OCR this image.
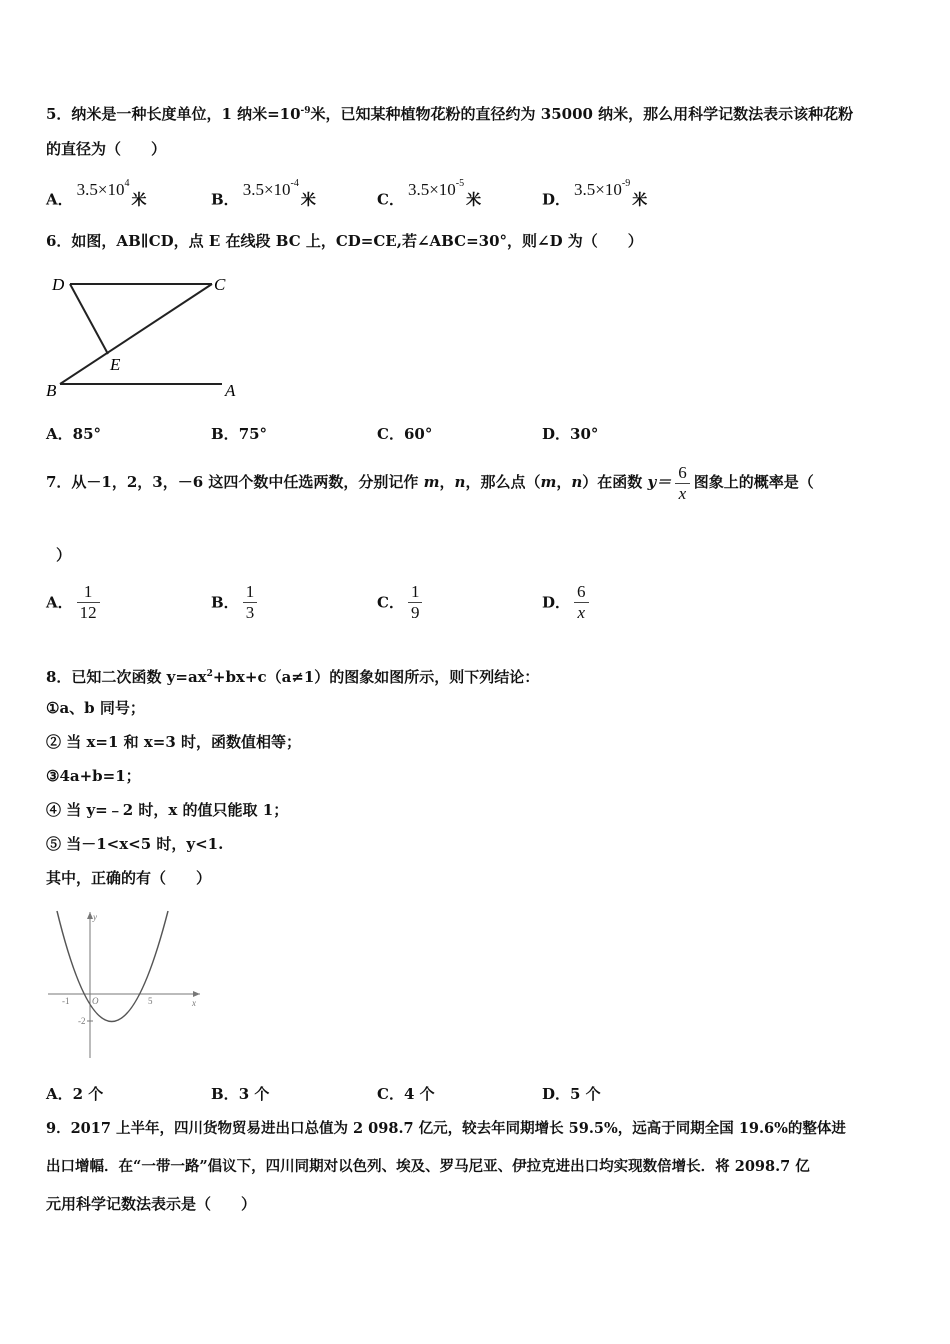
5．纳米是一种长度单位，1 纳米$=10^{-9}$米，已知某种植物花粉的直径约为 35000 纳米，那么用科学记数法表示该种花粉
的直径为（　　）
A．$3.5\times 10^4$米	B．$3.5\times 10^{-4}$米	C．$3.5\times 10^{-5}$米	D．$3.5\times 10^{-9}$米
6．如图，AB∥CD，点 E 在线段 BC 上，CD=CE,若∠ABC=30°，则∠D 为（　　）
D	C
E
B	A
A．85°	B．75°	C．60°	D．30°
7．从－1，2，3，－6 这四个数中任选两数，分别记作 m，n，那么点（m，n）在函数 $y= \frac{6}{x}$ 图象上的概率是（
）
A． $\frac{1}{12}$	B． $\frac{1}{3}$	C． $\frac{1}{9}$	D． $\frac{6}{x}$
8．已知二次函数 $y=ax^2+bx+c(a\ne 1)$的图象如图所示，则下列结论：
①a、b 同号；
② 当 x=1 和 x=3 时，函数值相等；
③4a+b=1；
④ 当 y=﹣2 时，x 的值只能取 1；
⑤ 当－1<x<5 时，y<1.
其中，正确的有（　　）
y
x
O
-1	5
-2
A．2 个	B．3 个	C．4 个	D．5 个
9．2017 上半年，四川货物贸易进出口总值为 2 098.7 亿元，较去年同期增长 59.5%，远高于同期全国 19.6%的整体进
出口增幅．在“一带一路”倡议下，四川同期对以色列、埃及、罗马尼亚、伊拉克进出口均实现数倍增长．将 2098.7 亿
元用科学记数法表示是（　　）
